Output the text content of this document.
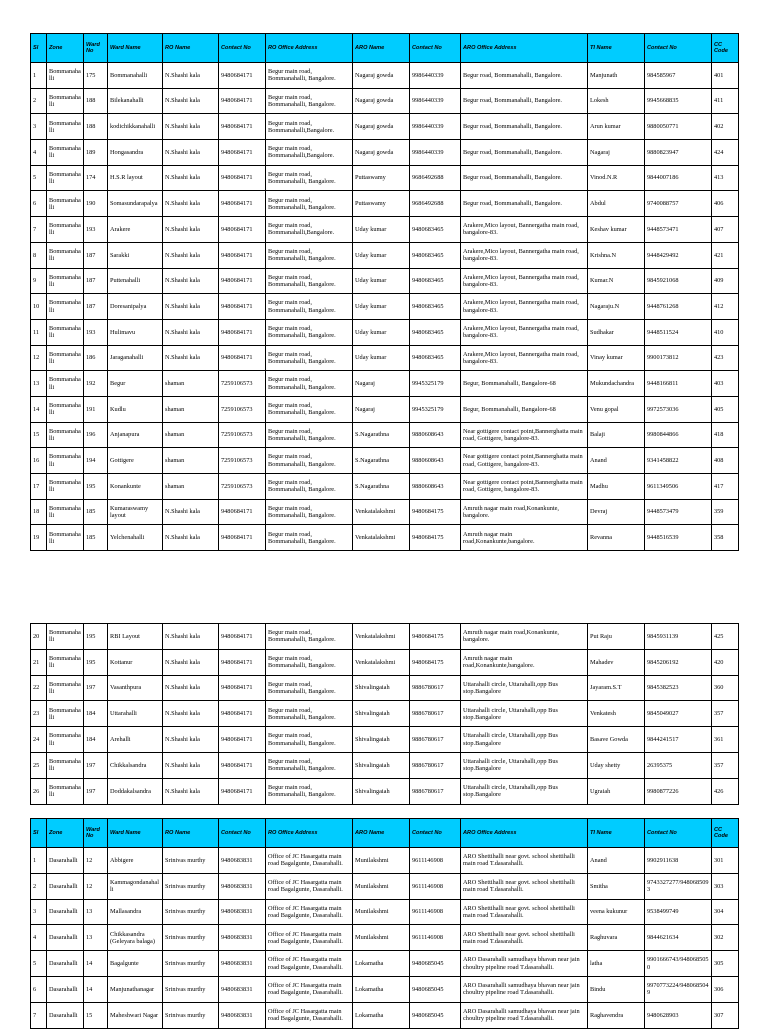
Sl	Zone	Ward No	Ward Name	RO Name	Contact No	RO Office Address	ARO Name	Contact No	ARO Office Address	TI Name	Contact No	CC Code
1	Bommanahalli	175	Bommanahalli	N.Shashi kala	9480684171	Begur main road, Bommanahalli, Bangalore.	Nagaraj gowda	9986440339	Begur road, Bommanahalli, Bangalore.	Manjunath	984585967	401
2	Bommanahalli	188	Bilekanahalli	N.Shashi kala	9480684171	Begur main road, Bommanahalli, Bangalore.	Nagaraj gowda	9986440339	Begur road, Bommanahalli, Bangalore.	Lokesh	9945668835	411
3	Bommanahalli	188	kodichikkanahalli	N.Shashi kala	9480684171	Begur main road, Bommanahalli,Bangalore.	Nagaraj gowda	9986440339	Begur road, Bommanahalli, Bangalore.	Arun kumar	9880050771	402
4	Bommanahalli	189	Hongasandra	N.Shashi kala	9480684171	Begur main road, Bommanahalli,Bangalore.	Nagaraj gowda	9986440339	Begur road, Bommanahalli, Bangalore.	Nagaraj	9880823947	424
5	Bommanahalli	174	H.S.R layout	N.Shashi kala	9480684171	Begur main road, Bommanahalli, Bangalore.	Puttaswamy	9686492688	Begur road, Bommanahalli, Bangalore.	Vinod.N.R	9844007186	413
6	Bommanahalli	190	Somasundarapalya	N.Shashi kala	9480684171	Begur main road, Bommanahalli, Bangalore.	Puttaswamy	9686492688	Begur road, Bommanahalli, Bangalore.	Abdul	9740088757	406
7	Bommanahalli	193	Arakere	N.Shashi kala	9480684171	Begur main road, Bommanahalli,Bangalore.	Uday kumar	9480683465	Arakere,Mico layout, Bannergatha main road, bangalore-83.	Keshav kumar	9448573471	407
8	Bommanahalli	187	Sarakki	N.Shashi kala	9480684171	Begur main road, Bommanahalli, Bangalore.	Uday kumar	9480683465	Arakere,Mico layout, Bannergatha main road, bangalore-83.	Krishna.N	9448429492	421
9	Bommanahalli	187	Puttenahalli	N.Shashi kala	9480684171	Begur main road, Bommanahalli, Bangalore.	Uday kumar	9480683465	Arakere,Mico layout, Bannergatha main road, bangalore-83.	Kumar.N	9845921068	409
10	Bommanahalli	187	Doresanipalya	N.Shashi kala	9480684171	Begur main road, Bommanahalli, Bangalore.	Uday kumar	9480683465	Arakere,Mico layout, Bannergatha main road, bangalore-83.	Nagaraju.N	9448761268	412
11	Bommanahalli	193	Hulimavu	N.Shashi kala	9480684171	Begur main road, Bommanahalli, Bangalore.	Uday kumar	9480683465	Arakere,Mico layout, Bannergatha main road, bangalore-83.	Sudhakar	9448511524	410
12	Bommanahalli	186	Jaraganahalli	N.Shashi kala	9480684171	Begur main road, Bommanahalli, Bangalore.	Uday kumar	9480683465	Arakere,Mico layout, Bannergatha main road, bangalore-83.	Vinay kumar	9900173812	423
13	Bommanahalli	192	Begur	shaman	7259106573	Begur main road, Bommanahalli, Bangalore.	Nagaraj	9945325179	Begur, Bommanahalli, Bangalore-68	Mukundachandra	9448166811	403
14	Bommanahalli	191	Kudlu	shaman	7259106573	Begur main road, Bommanahalli, Bangalore.	Nagaraj	9945325179	Begur, Bommanahalli, Bangalore-68	Venu gopal	9972573036	405
15	Bommanahalli	196	Anjanapura	shaman	7259106573	Begur main road, Bommanahalli, Bangalore.	S.Nagarathna	9880608643	Near gottigere contact point,Bannerghatta main road, Gottigere, bangalore-83.	Balaji	9980844866	418
16	Bommanahalli	194	Gottigere	shaman	7259106573	Begur main road, Bommanahalli, Bangalore.	S.Nagarathna	9880608643	Near gottigere contact point,Bannerghatta main road, Gottigere, bangalore-83.	Anand	9341458822	408
17	Bommanahalli	195	Konankunte	shaman	7259106573	Begur main road, Bommanahalli, Bangalore.	S.Nagarathna	9880608643	Near gottigere contact point,Bannerghatta main road, Gottigere, bangalore-83.	Madhu	9611349506	417
18	Bommanahalli	185	Kumaraswamy layout	N.Shashi kala	9480684171	Begur main road, Bommanahalli, Bangalore.	Venkatalakshmi	9480684175	Amruth nagar main road,Konankunte, bangalore.	Devraj	9448573479	359
19	Bommanahalli	185	Yelchenahalli	N.Shashi kala	9480684171	Begur main road, Bommanahalli, Bangalore.	Venkatalakshmi	9480684175	Amruth nagar main road,Konankunte,bangalore.	Revanna	9448516539	358
20	Bommanahalli	195	RBI Layout	N.Shashi kala	9480684171	Begur main road, Bommanahalli, Bangalore.	Venkatalakshmi	9480684175	Amruth nagar main road,Konankunte, bangalore.	Put Raju	9845931139	425
21	Bommanahalli	195	Kottanur	N.Shashi kala	9480684171	Begur main road, Bommanahalli, Bangalore.	Venkatalakshmi	9480684175	Amruth nagar main road,Konankunte,bangalore.	Mahadev	9845206192	420
22	Bommanahalli	197	Vasanthpura	N.Shashi kala	9480684171	Begur main road, Bommanahalli, Bangalore.	Shivalingaiah	9886780617	Uttarahalli circle, Uttarahalli,opp Bus stop.Bangalore	Jayaram.S.T	9845382523	360
23	Bommanahalli	184	Uttarahalli	N.Shashi kala	9480684171	Begur main road, Bommanahalli, Bangalore.	Shivalingaiah	9886780617	Uttarahalli circle, Uttarahalli,opp Bus stop.Bangalore	Venkatesh	9845049027	357
24	Bommanahalli	184	Arehalli	N.Shashi kala	9480684171	Begur main road, Bommanahalli, Bangalore.	Shivalingaiah	9886780617	Uttarahalli circle, Uttarahalli,opp Bus stop.Bangalore	Basave Gowda	9844241517	361
25	Bommanahalli	197	Chikkalsandra	N.Shashi kala	9480684171	Begur main road, Bommanahalli, Bangalore.	Shivalingaiah	9886780617	Uttarahalli circle, Uttarahalli,opp Bus stop.Bangalore	Uday shetty	26395375	357
26	Bommanahalli	197	Doddakalsandra	N.Shashi kala	9480684171	Begur main road, Bommanahalli, Bangalore.	Shivalingaiah	9886780617	Uttarahalli circle, Uttarahalli,opp Bus stop.Bangalore	Ugraiah	9980877226	426
Sl	Zone	Ward No	Ward Name	RO Name	Contact No	RO Office Address	ARO Name	Contact No	ARO Office Address	TI Name	Contact No	CC Code
1	Dasarahalli	12	Abbigere	Srinivas murthy	9480683831	Office of JC Hasargatta main road Bagalgunte, Dasarahalli.	Munilakshmi	9611146908	ARO Shettihalli near govt. school shettihalli main road T.dasarahalli.	Anand	9902911638	301
2	Dasarahalli	12	Kammagondanahalli	Srinivas murthy	9480683831	Office of JC Hasargatta main road Bagalgunte, Dasarahalli.	Munilakshmi	9611146908	ARO Shettihalli near govt. school shettihalli main road T.dasarahalli.	Smitha	9743327277/9480685093	303
3	Dasarahalli	13	Mallasandra	Srinivas murthy	9480683831	Office of JC Hasargatta main road Bagalgunte, Dasarahalli.	Munilakshmi	9611146908	ARO Shettihalli near govt. school shettihalli main road T.dasarahalli.	veena kukunur	9538499749	304
4	Dasarahalli	13	Chikkasandra (Geleyara balaga)	Srinivas murthy	9480683831	Office of JC Hasargatta main road Bagalgunte, Dasarahalli.	Munilakshmi	9611146908	ARO Shettihalli near govt. school shettihalli main road T.dasarahalli.	Raghuvara	9844621634	302
5	Dasarahalli	14	Bagalgunte	Srinivas murthy	9480683831	Office of JC Hasargatta main road Bagalgunte, Dasarahalli.	Lokamatha	9480685045	ARO Dasarahalli samudhaya bhavan near jain choultry pipeline road T.dasarahalli.	latha	9901666743/9480685050	305
6	Dasarahalli	14	Manjunathanagar	Srinivas murthy	9480683831	Office of JC Hasargatta main road Bagalgunte, Dasarahalli.	Lokamatha	9480685045	ARO Dasarahalli samudhaya bhavan near jain choultry pipeline road T.dasarahalli.	Bindu	9970773224/9480685049	306
7	Dasarahalli	15	Maheshwari Nagar	Srinivas murthy	9480683831	Office of JC Hasargatta main road Bagalgunte, Dasarahalli.	Lokamatha	9480685045	ARO Dasarahalli samudhaya bhavan near jain choultry pipeline road T.dasarahalli.	Raghavendra	9480628903	307
